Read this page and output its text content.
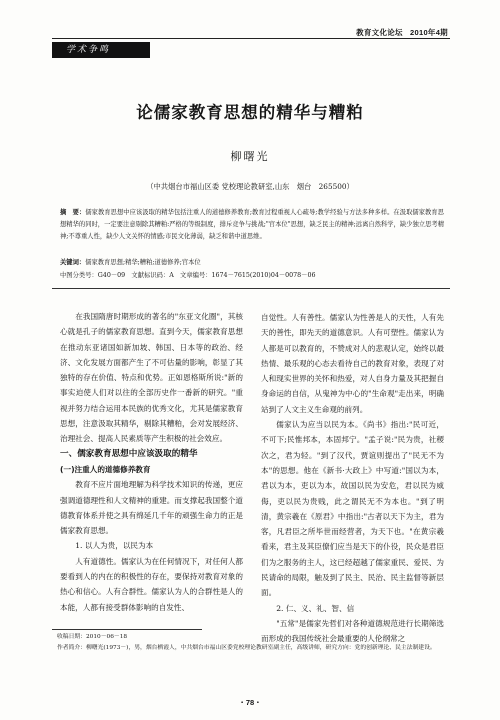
教育文化论坛 2010年4期
学术争鸣
论儒家教育思想的精华与糟粕
柳曙光
（中共烟台市福山区委 党校理论教研室,山东　烟台　265500）
摘　要：儒家教育思想中应该汲取的精华包括注重人的道德修养教育;教育过程重视人心疏导;教学经验与方法多种多样。在汲取儒家教育思想精华的同时，一定要注意剔除其糟粕:严格的等级制度，排斥竞争与挑战;"官本位"思想，缺乏民主的精神;远离自然科学，缺少独立思考精神;不尊重人性，缺少人文关怀的情感;市民文化薄弱，缺乏和谐中道思维。
关键词：儒家教育思想;精华;糟粕;道德修养;官本位
中图分类号：G40－09　文献标识码：A　文章编号：1674－7615(2010)04－0078－06

在我国隋唐时期形成的著名的"东亚文化圈"，其核心就是孔子的儒家教育思想。直到今天，儒家教育思想在推动东亚诸国如新加坡、韩国、日本等的政治、经济、文化发展方面都产生了不可估量的影响，彰显了其独特的存在价值、特点和优势。正如恩格斯所说:"新的事实迫使人们对以往的全部历史作一番新的研究。"重视并努力结合运用本民族的优秀文化，尤其是儒家教育思想，注意汲取其精华，剔除其糟粕，会对发展经济、治理社会、提高人民素质等产生积极的社会效应。

一、儒家教育思想中应该汲取的精华

(一)注重人的道德修养教育

教育不应片面地理解为科学技术知识的传递，更应强调道德理性和人文精神的重建。而支撑起我国整个道德教育体系并使之具有绵延几千年的顽强生命力的正是儒家教育思想。

1. 以人为贵，以民为本

人有道德性。儒家认为在任何情况下，对任何人都要看到人的内在的积极性的存在，要保持对教育对象的热心和信心。人有合群性。儒家认为人的合群性是人的本能，人都有接受群体影响的自发性、

自觉性。人有善性。儒家认为性善是人的天性，人有先天的善性，即先天的道德意识。人有可塑性。儒家认为人都是可以教育的，不赞成对人的悲观认定，始终以最热情、最乐观的心态去看待自己的教育对象，表现了对人和现实世界的关怀和热爱，对人自身力量及其把握自身命运的自信，从鬼神为中心的"生命观"走出来，明确站到了人文主义生命观的前列。

儒家认为应当以民为本。《尚书》指出:"民可近，不可下;民惟邦本，本固邦宁。"孟子说:"民为贵，社稷次之，君为轻。"到了汉代，贾谊则提出了"民无不为本"的思想。他在《新书·大政上》中写道:"国以为本，君以为本，吏以为本，故国以民为安危，君以民为威侮，吏以民为贵贱，此之谓民无不为本也。"到了明清，黄宗羲在《原君》中指出:"古者以天下为主，君为客，凡君臣之所毕世而经营者，为天下也。"在黄宗羲看来，君主及其臣僚们应当是天下的仆役，民众是君臣们为之服务的主人，这已经超越了儒家重民、爱民、为民请命的局限，触及到了民主、民治、民主监督等新层面。

2. 仁、义、礼、智、信

"五常"是儒家先哲们对各种道德规范进行长期筛选而形成的我国传统社会最重要的人伦纲常之

收稿日期：2010－06－18
作者简介：柳曙光(1973－)，男，烟台栖霞人，中共烟台市福山区委党校理论教研室副主任，高级讲师，研究方向：党的创新理论、民主法制建设。
・78・
